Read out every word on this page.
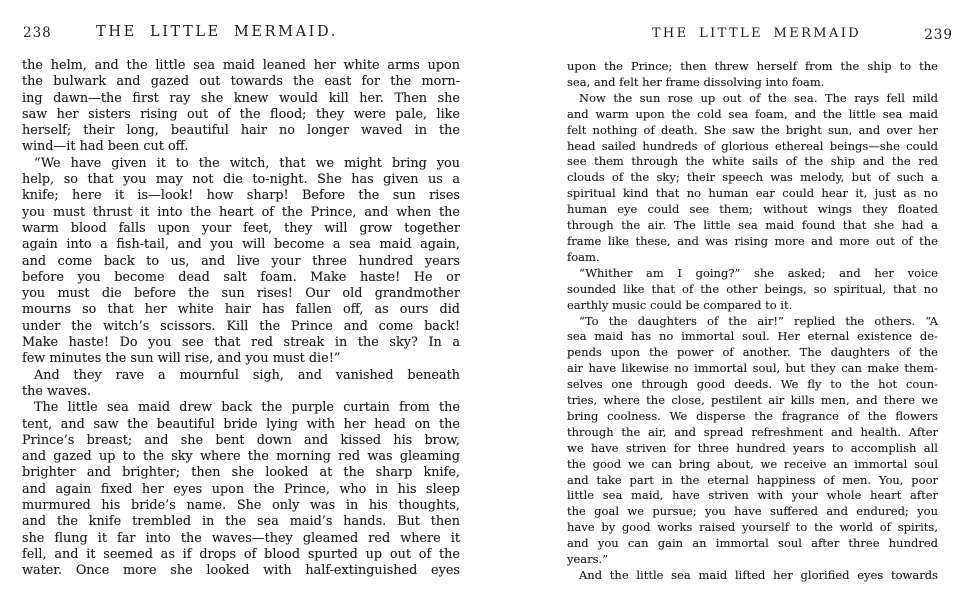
238	THE LITTLE MERMAID.
the helm, and the little sea maid leaned her white arms upon
the bulwark and gazed out towards the east for the morn-
ing dawn—the first ray she knew would kill her. Then she
saw her sisters rising out of the flood; they were pale, like
herself; their long, beautiful hair no longer waved in the
wind—it had been cut off.
“We have given it to the witch, that we might bring you
help, so that you may not die to-night. She has given us a
knife; here it is—look! how sharp! Before the sun rises
you must thrust it into the heart of the Prince, and when the
warm blood falls upon your feet, they will grow together
again into a fish-tail, and you will become a sea maid again,
and come back to us, and live your three hundred years
before you become dead salt foam. Make haste! He or
you must die before the sun rises! Our old grandmother
mourns so that her white hair has fallen off, as ours did
under the witch’s scissors. Kill the Prince and come back!
Make haste! Do you see that red streak in the sky? In a
few minutes the sun will rise, and you must die!”
And they rave a mournful sigh, and vanished beneath
the waves.
The little sea maid drew back the purple curtain from the
tent, and saw the beautiful bride lying with her head on the
Prince’s breast; and she bent down and kissed his brow,
and gazed up to the sky where the morning red was gleaming
brighter and brighter; then she looked at the sharp knife,
and again fixed her eyes upon the Prince, who in his sleep
murmured his bride’s name. She only was in his thoughts,
and the knife trembled in the sea maid’s hands. But then
she flung it far into the waves—they gleamed red where it
fell, and it seemed as if drops of blood spurted up out of the
water. Once more she looked with half-extinguished eyes
239
THE LITTLE MERMAID
upon the Prince; then threw herself from the ship to the
sea, and felt her frame dissolving into foam.
Now the sun rose up out of the sea. The rays fell mild
and warm upon the cold sea foam, and the little sea maid
felt nothing of death. She saw the bright sun, and over her
head sailed hundreds of glorious ethereal beings—she could
see them through the white sails of the ship and the red
clouds of the sky; their speech was melody, but of such a
spiritual kind that no human ear could hear it, just as no
human eye could see them; without wings they floated
through the air. The little sea maid found that she had a
frame like these, and was rising more and more out of the
foam.
“Whither am I going?” she asked; and her voice
sounded like that of the other beings, so spiritual, that no
earthly music could be compared to it.
“To the daughters of the air!” replied the others. “A
sea maid has no immortal soul. Her eternal existence de-
pends upon the power of another. The daughters of the
air have likewise no immortal soul, but they can make them-
selves one through good deeds. We fly to the hot coun-
tries, where the close, pestilent air kills men, and there we
bring coolness. We disperse the fragrance of the flowers
through the air, and spread refreshment and health. After
we have striven for three hundred years to accomplish all
the good we can bring about, we receive an immortal soul
and take part in the eternal happiness of men. You, poor
little sea maid, have striven with your whole heart after
the goal we pursue; you have suffered and endured; you
have by good works raised yourself to the world of spirits,
and you can gain an immortal soul after three hundred
years.”
And the little sea maid lifted her glorified eyes towards
